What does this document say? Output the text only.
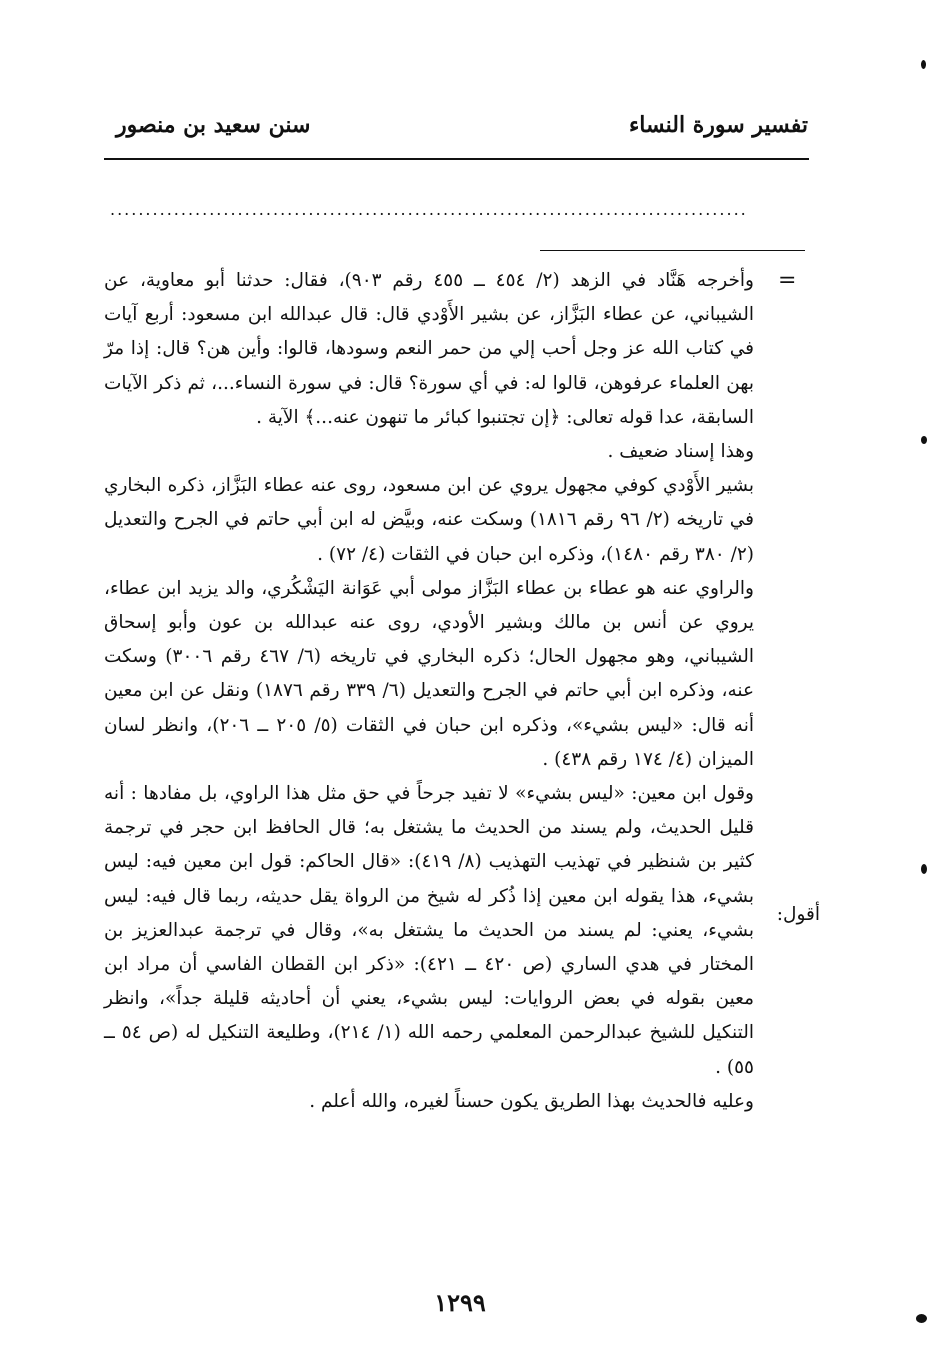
تفسير سورة النساء
سنن سعيد بن منصور
..........................................................................................
=
أقول:

وأخرجه هَنَّاد في الزهد (٢/ ٤٥٤ ــ ٤٥٥ رقم ٩٠٣)، فقال: حدثنا أبو معاوية، عن الشيباني، عن عطاء البَزَّاز، عن بشير الأَوْدي قال: قال عبدالله ابن مسعود: أربع آيات في كتاب الله عز وجل أحب إلي من حمر النعم وسودها، قالوا: وأين هن؟ قال: إذا مرّ بهن العلماء عرفوهن، قالوا له: في أي سورة؟ قال: في سورة النساء...، ثم ذكر الآيات السابقة، عدا قوله تعالى: ﴿إن تجتنبوا كبائر ما تنهون عنه...﴾ الآية .

وهذا إسناد ضعيف .

بشير الأَوْدي كوفي مجهول يروي عن ابن مسعود، روى عنه عطاء البَزَّاز، ذكره البخاري في تاريخه (٢/ ٩٦ رقم ١٨١٦) وسكت عنه، وبيَّض له ابن أبي حاتم في الجرح والتعديل (٢/ ٣٨٠ رقم ١٤٨٠)، وذكره ابن حبان في الثقات (٤/ ٧٢) .

والراوي عنه هو عطاء بن عطاء البَزَّاز مولى أبي عَوَانة اليَشْكُري، والد يزيد ابن عطاء، يروي عن أنس بن مالك وبشير الأودي، روى عنه عبدالله بن عون وأبو إسحاق الشيباني، وهو مجهول الحال؛ ذكره البخاري في تاريخه (٦/ ٤٦٧ رقم ٣٠٠٦) وسكت عنه، وذكره ابن أبي حاتم في الجرح والتعديل (٦/ ٣٣٩ رقم ١٨٧٦) ونقل عن ابن معين أنه قال: «ليس بشيء»، وذكره ابن حبان في الثقات (٥/ ٢٠٥ ــ ٢٠٦)، وانظر لسان الميزان (٤/ ١٧٤ رقم ٤٣٨) .

وقول ابن معين: «ليس بشيء» لا تفيد جرحاً في حق مثل هذا الراوي، بل مفادها : أنه قليل الحديث، ولم يسند من الحديث ما يشتغل به؛ قال الحافظ ابن حجر في ترجمة كثير بن شنظير في تهذيب التهذيب (٨/ ٤١٩): «قال الحاكم: قول ابن معين فيه: ليس بشيء، هذا يقوله ابن معين إذا ذُكر له شيخ من الرواة يقل حديثه، ربما قال فيه: ليس بشيء، يعني: لم يسند من الحديث ما يشتغل به»، وقال في ترجمة عبدالعزيز بن المختار في هدي الساري (ص ٤٢٠ ــ ٤٢١): «ذكر ابن القطان الفاسي أن مراد ابن معين بقوله في بعض الروايات: ليس بشيء، يعني أن أحاديثه قليلة جداً»، وانظر التنكيل للشيخ عبدالرحمن المعلمي رحمه الله (١/ ٢١٤)، وطليعة التنكيل له (ص ٥٤ ــ ٥٥) .

وعليه فالحديث بهذا الطريق يكون حسناً لغيره، والله أعلم .

١٢٩٩
